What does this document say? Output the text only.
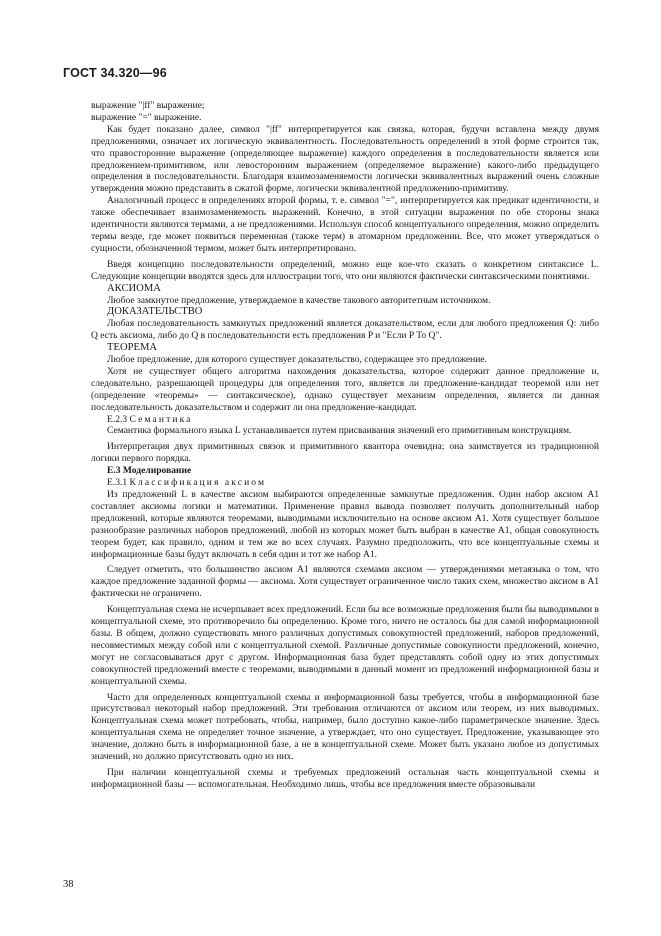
ГОСТ 34.320—96

выражение "|ff" выражение;

выражение "=" выражение.

Как будет показано далее, символ "|ff" интерпретируется как связка, которая, будучи вставлена между двумя предложениями, означает их логическую эквивалентность. Последовательность определений в этой форме строится так, что правосторонние выражение (определяющее выражение) каждого определения в последовательности является или предложением-примитивом, или левосторонним выражением (определяемое выражение) какого-либо предыдущего определения в последовательности. Благодаря взаимозаменяемости логически эквивалентных выражений очень сложные утверждения можно представить в сжатой форме, логически эквивалентной предложению-примитиву.

Аналогичный процесс в определениях второй формы, т. е. символ "=", интерпретируется как предикат идентичности, и также обеспечивает взаимозаменяемость выражений. Конечно, в этой ситуации выражения по обе стороны знака идентичности являются термами, а не предложениями. Используя способ концептуального определения, можно определить термы везде, где может появиться переменная (также терм) в атомарном предложении. Все, что может утверждаться о сущности, обозначенной термом, может быть интерпретировано.

Введя концепцию последовательности определений, можно еще кое-что сказать о конкретном синтаксисе L. Следующие концепции вводятся здесь для иллюстрации того, что они являются фактически синтаксическими понятиями.

АКСИОМА

Любое замкнутое предложение, утверждаемое в качестве такового авторитетным источником.

ДОКАЗАТЕЛЬСТВО

Любая последовательность замкнутых предложений является доказательством, если для любого предложения Q: либо Q есть аксиома, либо до Q в последовательности есть предложения P и "Если P То Q".

ТЕОРЕМА

Любое предложение, для которого существует доказательство, содержащее это предложение.

Хотя не существует общего алгоритма нахождения доказательства, которое содержит данное предложение и, следовательно, разрешающей процедуры для определения того, является ли предложение-кандидат теоремой или нет (определение «теоремы» — синтаксическое), однако существует механизм определения, является ли данная последовательность доказательством и содержит ли она предложение-кандидат.

Е.2.3 Семантика

Семантика формального языка L устанавливается путем присваивания значений его примитивным конструкциям.

Интерпретация двух примитивных связок и примитивного квантора очевидна; она заимствуется из традиционной логики первого порядка.

Е.3 Моделирование

Е.3.1 Классификация аксиом

Из предложений L в качестве аксиом выбираются определенные замкнутые предложения. Один набор аксиом A1 составляет аксиомы логики и математики. Применение правил вывода позволяет получить дополнительный набор предложений, которые являются теоремами, выводимыми исключительно на основе аксиом A1. Хотя существует большое разнообразие различных наборов предложений, любой из которых может быть выбран в качестве A1, общая совокупность теорем будет, как правило, одним и тем же во всех случаях. Разумно предположить, что все концептуальные схемы и информационные базы будут включать в себя один и тот же набор A1.

Следует отметить, что большинство аксиом A1 являются схемами аксиом — утверждениями метаязыка о том, что каждое предложение заданной формы — аксиома. Хотя существует ограниченное число таких схем, множество аксиом в A1 фактически не ограничено.

Концептуальная схема не исчерпывает всех предложений. Если бы все возможные предложения были бы выводимыми в концептуальной схеме, это противоречило бы определению. Кроме того, ничто не осталось бы для самой информационной базы. В общем, должно существовать много различных допустимых совокупностей предложений, наборов предложений, несовместимых между собой или с концептуальной схемой. Различные допустимые совокупности предложений, конечно, могут не согласовываться друг с другом. Информационная база будет представлять собой одну из этих допустимых совокупностей предложений вместе с теоремами, выводимыми в данный момент из предложений информационной базы и концептуальной схемы.

Часто для определенных концептуальной схемы и информационной базы требуется, чтобы в информационной базе присутствовал некоторый набор предложений. Эти требования отличаются от аксиом или теорем, из них выводимых. Концептуальная схема может потребовать, чтобы, например, было доступно какое-либо параметрическое значение. Здесь концептуальная схема не определяет точное значение, а утверждает, что оно существует. Предложение, указывающее это значение, должно быть в информационной базе, а не в концептуальной схеме. Может быть указано любое из допустимых значений, но должно присутствовать одно из них.

При наличии концептуальной схемы и требуемых предложений остальная часть концептуальной схемы и информационной базы — вспомогательная. Необходимо лишь, чтобы все предложения вместе образовывали

38
